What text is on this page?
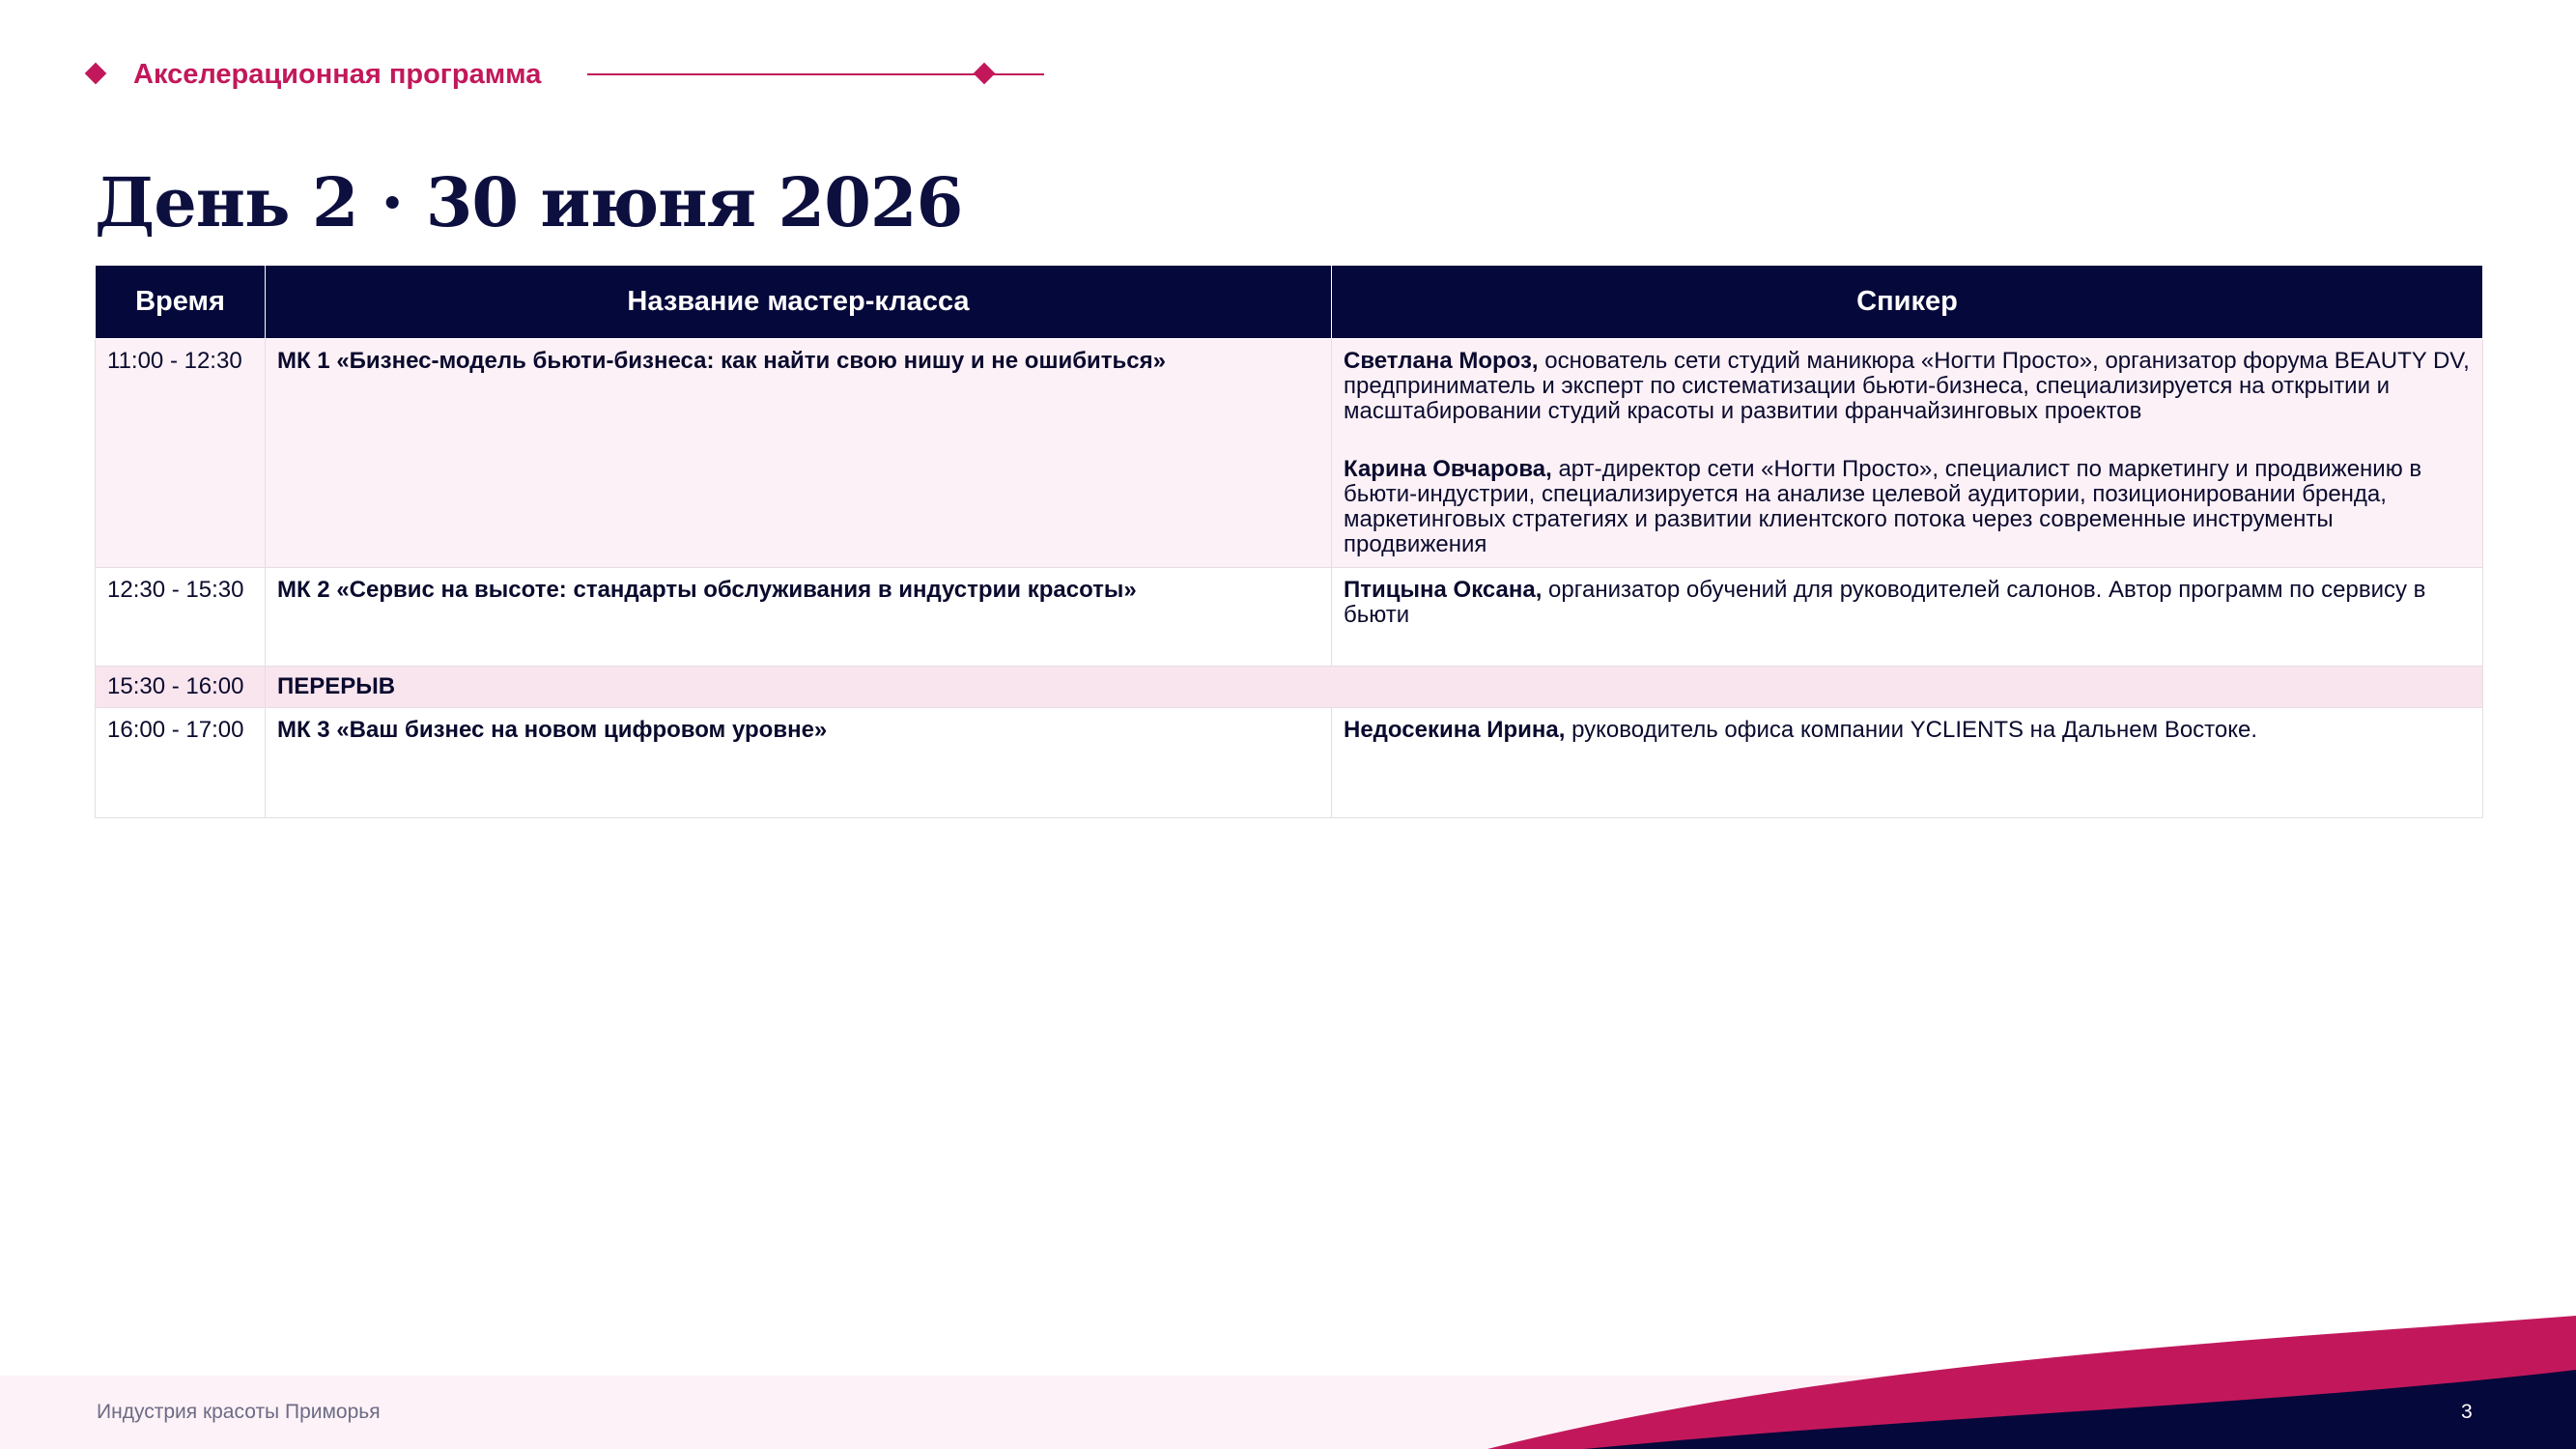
Акселерационная программа
День 2 · 30 июня 2026
Время	Название мастер-класса	Спикер
11:00 - 12:30	МК 1 «Бизнес-модель бьюти-бизнеса: как найти свою нишу и не ошибиться»	Светлана Мороз, основатель сети студий маникюра «Ногти Просто», организатор форума BEAUTY DV, предприниматель и эксперт по систематизации бьюти-бизнеса, специализируется на открытии и масштабировании студий красоты и развитии франчайзинговых проектов

Карина Овчарова, арт-директор сети «Ногти Просто», специалист по маркетингу и продвижению в бьюти-индустрии, специализируется на анализе целевой аудитории, позиционировании бренда, маркетинговых стратегиях и развитии клиентского потока через современные инструменты продвижения

12:30 - 15:30	МК 2 «Сервис на высоте: стандарты обслуживания в индустрии красоты»	Птицына Оксана, организатор обучений для руководителей салонов. Автор программ по сервису в бьюти

15:30 - 16:00	ПЕРЕРЫВ	
16:00 - 17:00	МК 3 «Ваш бизнес на новом цифровом уровне»	Недосекина Ирина, руководитель офиса компании YCLIENTS на Дальнем Востоке.

Индустрия красоты Приморья	3
